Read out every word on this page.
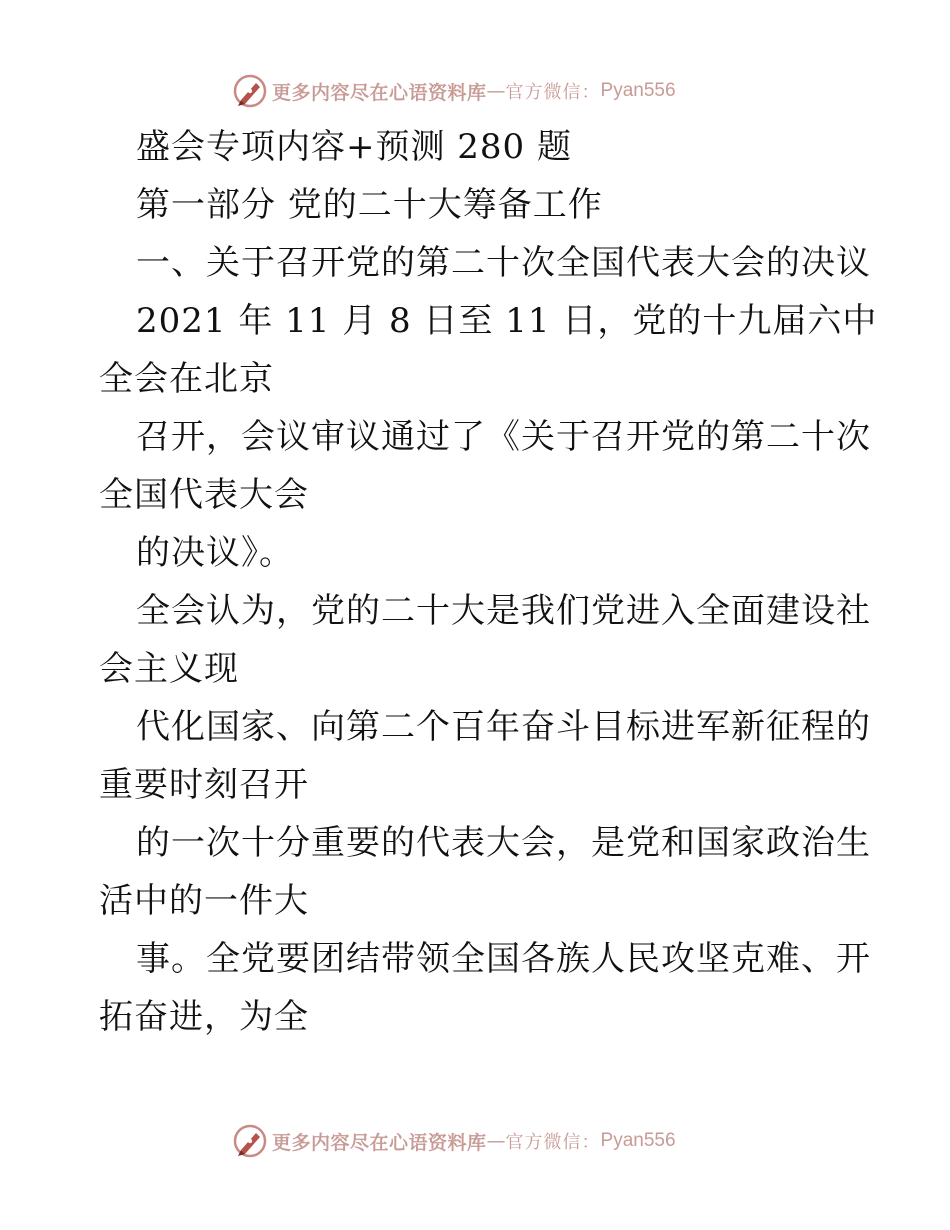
更多内容尽在心语资料库 — 官方微信： Pyan556
盛会专项内容+预测 280 题
第一部分 党的二十大筹备工作
一、关于召开党的第二十次全国代表大会的决议
2021 年 11 月 8 日至 11 日，党的十九届六中
全会在北京
召开，会议审议通过了《关于召开党的第二十次
全国代表大会
的决议》。
全会认为，党的二十大是我们党进入全面建设社
会主义现
代化国家、向第二个百年奋斗目标进军新征程的
重要时刻召开
的一次十分重要的代表大会，是党和国家政治生
活中的一件大
事。全党要团结带领全国各族人民攻坚克难、开
拓奋进，为全
更多内容尽在心语资料库 — 官方微信： Pyan556
